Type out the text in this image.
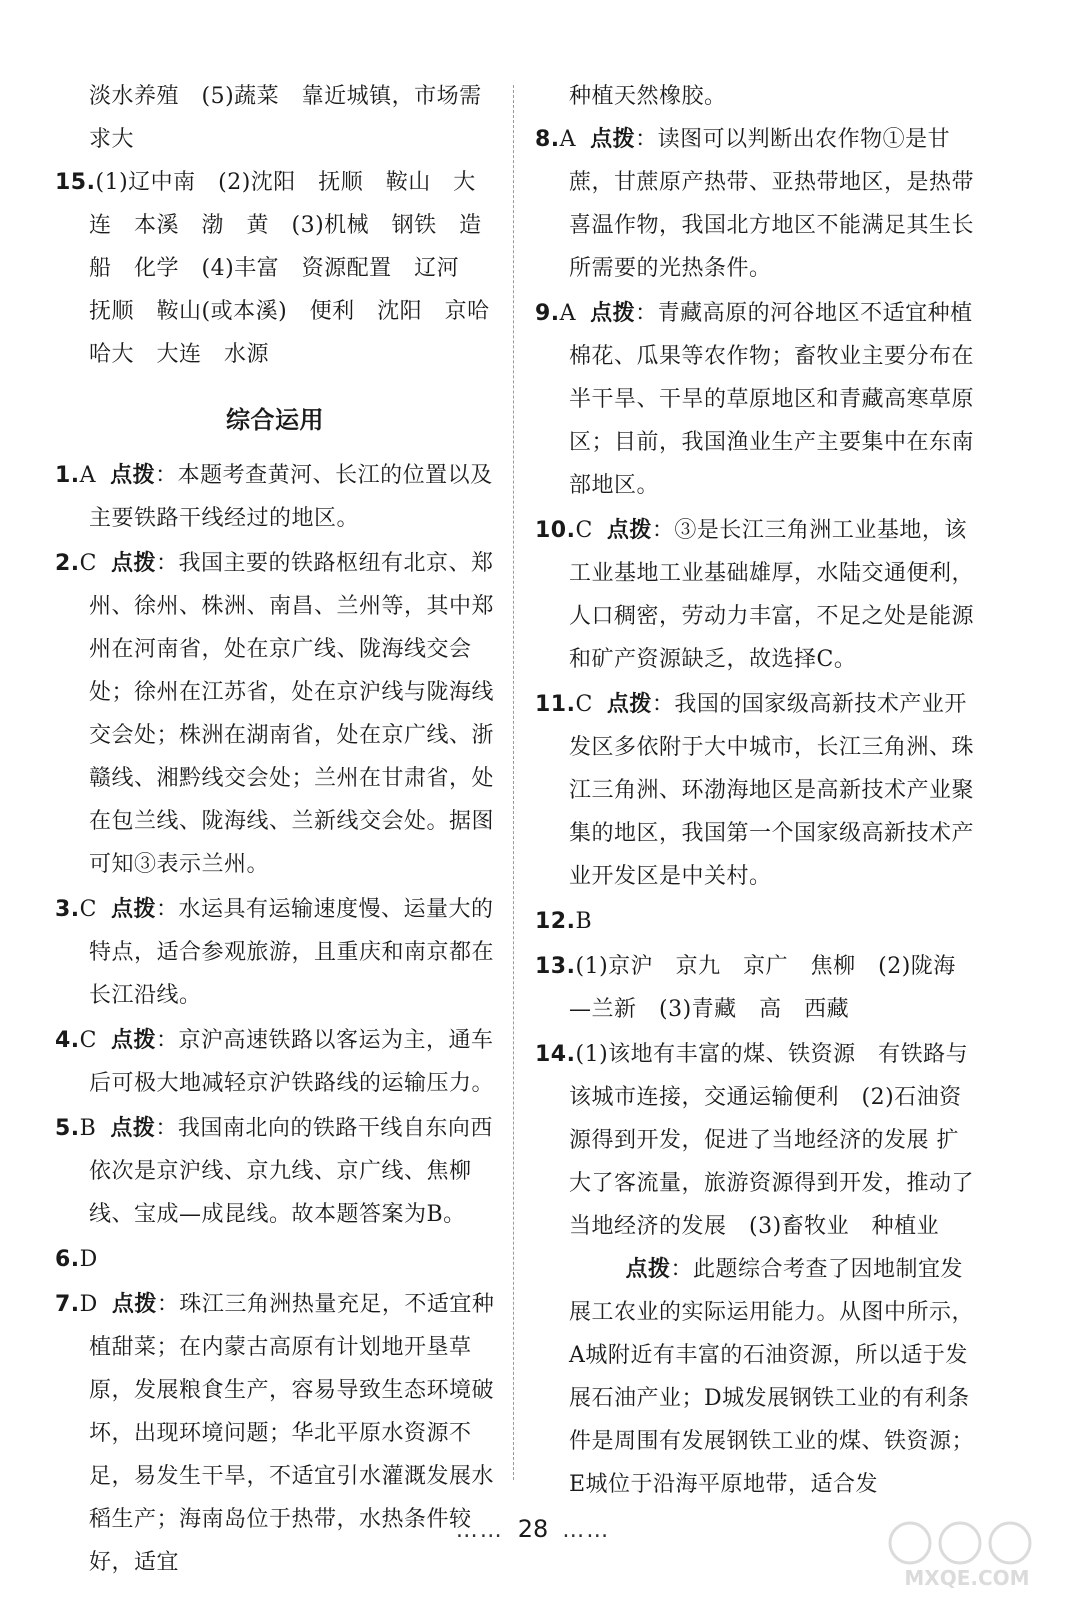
淡水养殖　(5)蔬菜　靠近城镇，市场需求大
15.(1)辽中南　(2)沈阳　抚顺　鞍山　大连　本溪　渤　黄　(3)机械　钢铁　造船　化学　(4)丰富　资源配置　辽河　抚顺　鞍山(或本溪)　便利　沈阳　京哈　哈大　大连　水源
综合运用
1.A 点拨：本题考查黄河、长江的位置以及主要铁路干线经过的地区。
2.C 点拨：我国主要的铁路枢纽有北京、郑州、徐州、株洲、南昌、兰州等，其中郑州在河南省，处在京广线、陇海线交会处；徐州在江苏省，处在京沪线与陇海线交会处；株洲在湖南省，处在京广线、浙赣线、湘黔线交会处；兰州在甘肃省，处在包兰线、陇海线、兰新线交会处。据图可知③表示兰州。
3.C 点拨：水运具有运输速度慢、运量大的特点，适合参观旅游，且重庆和南京都在长江沿线。
4.C 点拨：京沪高速铁路以客运为主，通车后可极大地减轻京沪铁路线的运输压力。
5.B 点拨：我国南北向的铁路干线自东向西依次是京沪线、京九线、京广线、焦柳线、宝成—成昆线。故本题答案为B。
6.D
7.D 点拨：珠江三角洲热量充足，不适宜种植甜菜；在内蒙古高原有计划地开垦草原，发展粮食生产，容易导致生态环境破坏，出现环境问题；华北平原水资源不足，易发生干旱，不适宜引水灌溉发展水稻生产；海南岛位于热带，水热条件较好，适宜
种植天然橡胶。
8.A 点拨：读图可以判断出农作物①是甘蔗，甘蔗原产热带、亚热带地区，是热带喜温作物，我国北方地区不能满足其生长所需要的光热条件。
9.A 点拨：青藏高原的河谷地区不适宜种植棉花、瓜果等农作物；畜牧业主要分布在半干旱、干旱的草原地区和青藏高寒草原区；目前，我国渔业生产主要集中在东南部地区。
10.C 点拨：③是长江三角洲工业基地，该工业基地工业基础雄厚，水陆交通便利，人口稠密，劳动力丰富，不足之处是能源和矿产资源缺乏，故选择C。
11.C 点拨：我国的国家级高新技术产业开发区多依附于大中城市，长江三角洲、珠江三角洲、环渤海地区是高新技术产业聚集的地区，我国第一个国家级高新技术产业开发区是中关村。
12.B
13.(1)京沪　京九　京广　焦柳　(2)陇海—兰新　(3)青藏　高　西藏
14.(1)该地有丰富的煤、铁资源　有铁路与该城市连接，交通运输便利　(2)石油资源得到开发，促进了当地经济的发展 扩大了客流量，旅游资源得到开发，推动了当地经济的发展　(3)畜牧业　种植业 　点拨：此题综合考查了因地制宜发展工农业的实际运用能力。从图中所示，A城附近有丰富的石油资源，所以适于发展石油产业；D城发展钢铁工业的有利条件是周围有发展钢铁工业的煤、铁资源；E城位于沿海平原地带，适合发
…… 28 ……
MXQE.COM
